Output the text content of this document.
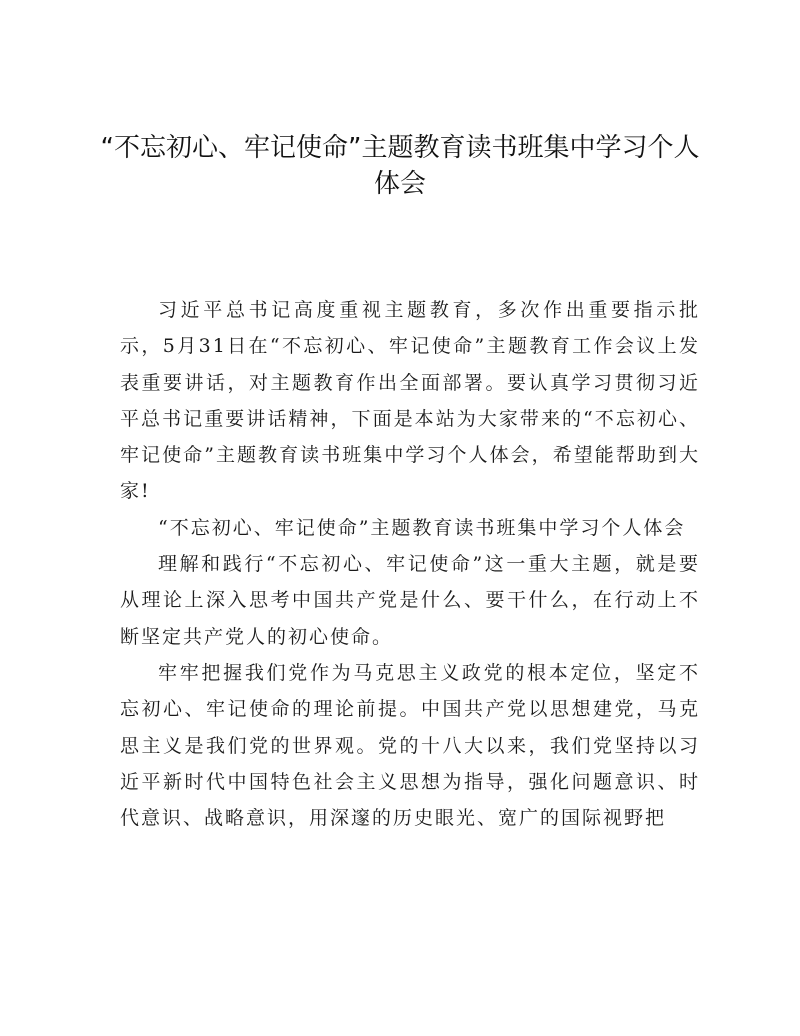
“不忘初心、牢记使命”主题教育读书班集中学习个人体会

习近平总书记高度重视主题教育，多次作出重要指示批示，5月31日在“不忘初心、牢记使命”主题教育工作会议上发表重要讲话，对主题教育作出全面部署。要认真学习贯彻习近平总书记重要讲话精神，下面是本站为大家带来的“不忘初心、牢记使命”主题教育读书班集中学习个人体会，希望能帮助到大家!

“不忘初心、牢记使命”主题教育读书班集中学习个人体会

理解和践行“不忘初心、牢记使命”这一重大主题，就是要从理论上深入思考中国共产党是什么、要干什么，在行动上不断坚定共产党人的初心使命。

牢牢把握我们党作为马克思主义政党的根本定位，坚定不忘初心、牢记使命的理论前提。中国共产党以思想建党，马克思主义是我们党的世界观。党的十八大以来，我们党坚持以习近平新时代中国特色社会主义思想为指导，强化问题意识、时代意识、战略意识，用深邃的历史眼光、宽广的国际视野把
